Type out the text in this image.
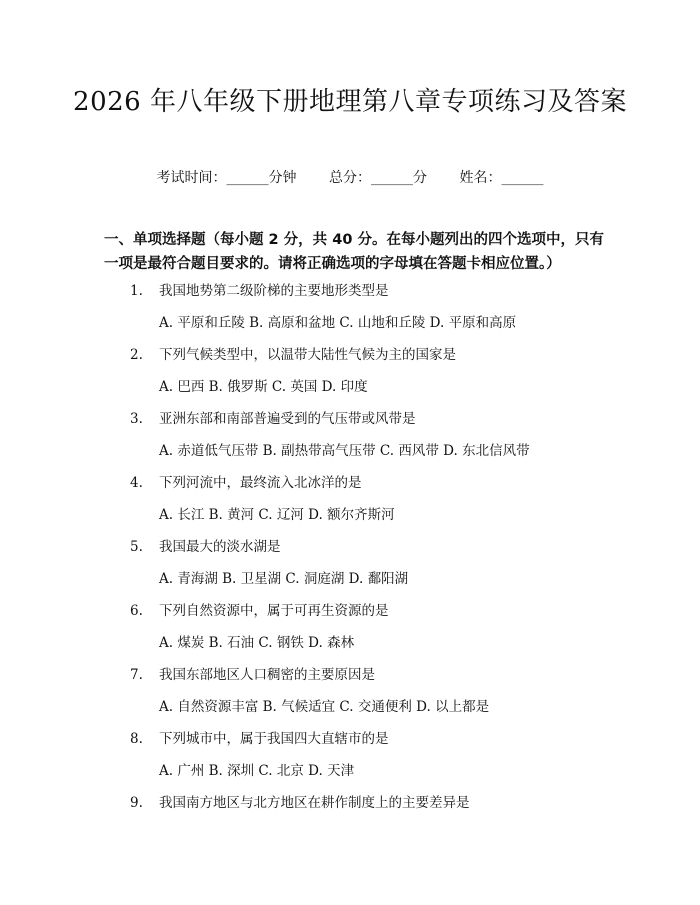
2026 年八年级下册地理第八章专项练习及答案
考试时间：______分钟 总分：______分 姓名：______
一、单项选择题（每小题 2 分，共 40 分。在每小题列出的四个选项中，只有一项是最符合题目要求的。请将正确选项的字母填在答题卡相应位置。）
1. 我国地势第二级阶梯的主要地形类型是
A. 平原和丘陵 B. 高原和盆地 C. 山地和丘陵 D. 平原和高原
2. 下列气候类型中，以温带大陆性气候为主的国家是
A. 巴西 B. 俄罗斯 C. 英国 D. 印度
3. 亚洲东部和南部普遍受到的气压带或风带是
A. 赤道低气压带 B. 副热带高气压带 C. 西风带 D. 东北信风带
4. 下列河流中，最终流入北冰洋的是
A. 长江 B. 黄河 C. 辽河 D. 额尔齐斯河
5. 我国最大的淡水湖是
A. 青海湖 B. 卫星湖 C. 洞庭湖 D. 鄱阳湖
6. 下列自然资源中，属于可再生资源的是
A. 煤炭 B. 石油 C. 钢铁 D. 森林
7. 我国东部地区人口稠密的主要原因是
A. 自然资源丰富 B. 气候适宜 C. 交通便利 D. 以上都是
8. 下列城市中，属于我国四大直辖市的是
A. 广州 B. 深圳 C. 北京 D. 天津
9. 我国南方地区与北方地区在耕作制度上的主要差异是
